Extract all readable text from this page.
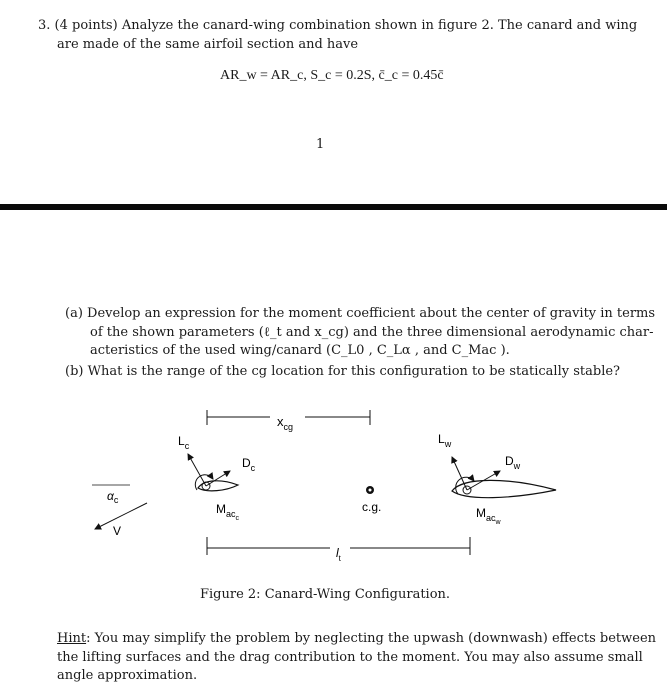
3. (4 points) Analyze the canard-wing combination shown in figure 2. The canard and wing
are made of the same airfoil section and have
AR_w = AR_c, S_c = 0.2S, c̄_c = 0.45c̄
1
(a) Develop an expression for the moment coefficient about the center of gravity in terms
of the shown parameters (ℓ_t and x_cg) and the three dimensional aerodynamic char-
acteristics of the used wing/canard (C_L0 , C_Lα , and C_Mac ).
(b) What is the range of the cg location for this configuration to be statically stable?
$x_{cg}$
$\alpha_c$
V
$L_c$
$D_c$
$M_{acc}$
c.g.
$L_w$
$D_w$
$M_{acw}$
$l_t$
Figure 2: Canard-Wing Configuration.
Hint: You may simplify the problem by neglecting the upwash (downwash) effects between
the lifting surfaces and the drag contribution to the moment. You may also assume small
angle approximation.
